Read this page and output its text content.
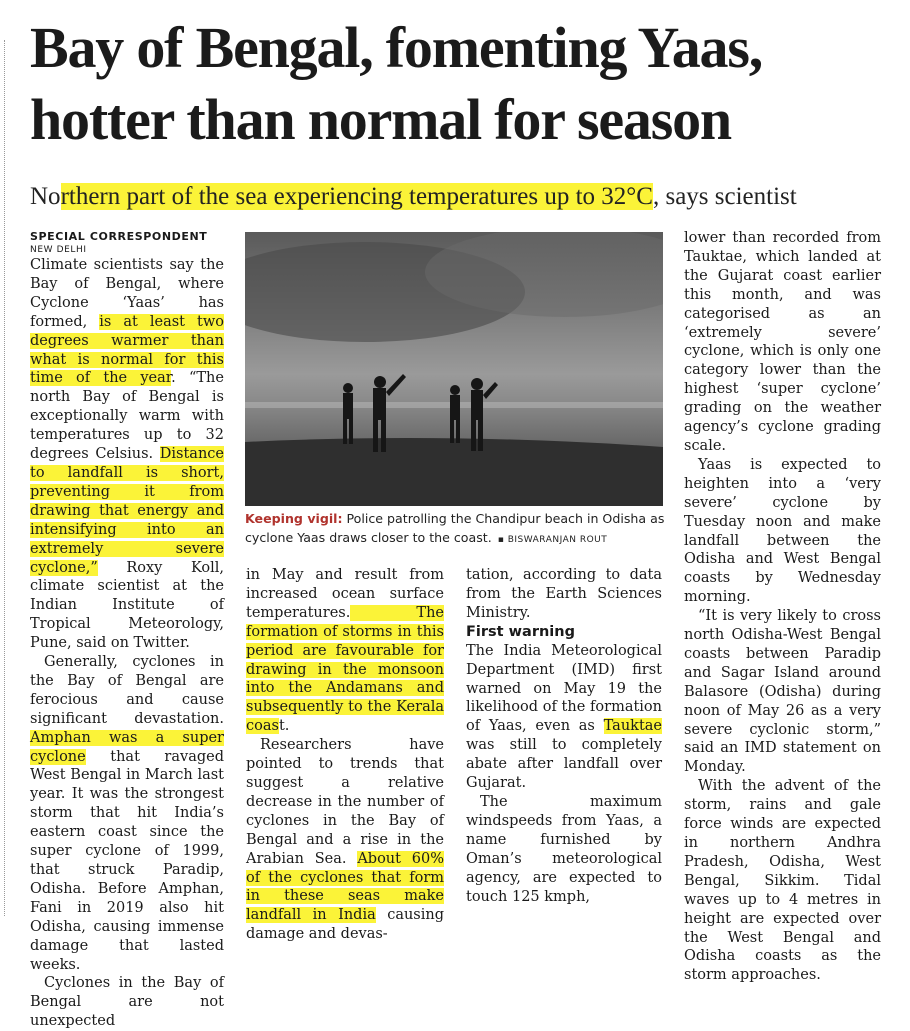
Bay of Bengal, fomenting Yaas, hotter than normal for season

Northern part of the sea experiencing temperatures up to 32°C, says scientist

SPECIAL CORRESPONDENT

NEW DELHI

Climate scientists say the Bay of Bengal, where Cyclone ‘Yaas’ has formed, is at least two degrees warmer than what is normal for this time of the year. “The north Bay of Bengal is exceptionally warm with temperatures up to 32 degrees Celsius. Distance to landfall is short, preventing it from drawing that energy and intensifying into an extremely severe cyclone,” Roxy Koll, climate scientist at the Indian Institute of Tropical Meteorology, Pune, said on Twitter.

Generally, cyclones in the Bay of Bengal are ferocious and cause significant devastation. Amphan was a super cyclone that ravaged West Bengal in March last year. It was the strongest storm that hit India’s eastern coast since the super cyclone of 1999, that struck Paradip, Odisha. Before Amphan, Fani in 2019 also hit Odisha, causing immense damage that lasted weeks.

Cyclones in the Bay of Bengal are not unexpected

Keeping vigil: Police patrolling the Chandipur beach in Odisha as cyclone Yaas draws closer to the coast. ▪ BISWARANJAN ROUT

in May and result from increased ocean surface temperatures. The formation of storms in this period are favourable for drawing in the monsoon into the Andamans and subsequently to the Kerala coast.

Researchers have pointed to trends that suggest a relative decrease in the number of cyclones in the Bay of Bengal and a rise in the Arabian Sea. About 60% of the cyclones that form in these seas make landfall in India causing damage and devas-

tation, according to data from the Earth Sciences Ministry.

First warning

The India Meteorological Department (IMD) first warned on May 19 the likelihood of the formation of Yaas, even as Tauktae was still to completely abate after landfall over Gujarat.

The maximum windspeeds from Yaas, a name furnished by Oman’s meteorological agency, are expected to touch 125 kmph,

lower than recorded from Tauktae, which landed at the Gujarat coast earlier this month, and was categorised as an ‘extremely severe’ cyclone, which is only one category lower than the highest ‘super cyclone’ grading on the weather agency’s cyclone grading scale.

Yaas is expected to heighten into a ‘very severe’ cyclone by Tuesday noon and make landfall between the Odisha and West Bengal coasts by Wednesday morning.

“It is very likely to cross north Odisha-West Bengal coasts between Paradip and Sagar Island around Balasore (Odisha) during noon of May 26 as a very severe cyclonic storm,” said an IMD statement on Monday.

With the advent of the storm, rains and gale force winds are expected in northern Andhra Pradesh, Odisha, West Bengal, Sikkim. Tidal waves up to 4 metres in height are expected over the West Bengal and Odisha coasts as the storm approaches.
